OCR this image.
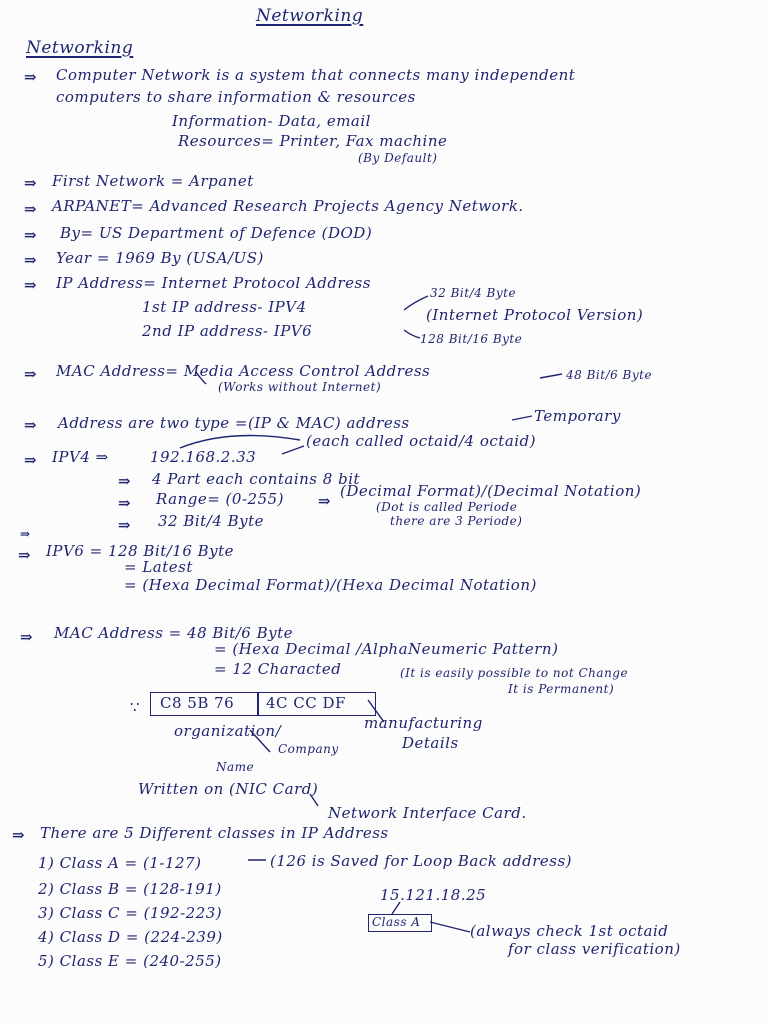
Networking
Networking
⇒ Computer Network is a system that connects many independent
computers to share information & resources
Information- Data, email
Resources= Printer, Fax machine
(By Default)
⇒ First Network = Arpanet
⇒ ARPANET= Advanced Research Projects Agency Network.
⇒ By= US Department of Defence (DOD)
⇒ Year = 1969 By (USA/US)
⇒ IP Address= Internet Protocol Address
1st IP address- IPV4
32 Bit/4 Byte
(Internet Protocol Version)
2nd IP address- IPV6	128 Bit/16 Byte
⇒ MAC Address= Media Access Control Address	48 Bit/6 Byte
(Works without Internet)
⇒ Address are two type =(IP & MAC) address	Temporary
⇒ IPV4 ⇒	192.168.2.33
(each called octaid/4 octaid)
⇒ 4 Part each contains 8 bit
⇒ Range= (0-255) ⇒
(Decimal Format)/(Decimal Notation)
⇒ 32 Bit/4 Byte
(Dot is called Periode
there are 3 Periode)
⇒
⇒ IPV6 = 128 Bit/16 Byte
= Latest
= (Hexa Decimal Format)/(Hexa Decimal Notation)
⇒ MAC Address = 48 Bit/6 Byte
= (Hexa Decimal /AlphaNeumeric Pattern)
= 12 Characted	(It is easily possible to not Change
It is Permanent)
∵ C8 5B 76 4C CC DF
organization/
Company
Name
manufacturing
Details
Written on (NIC Card)
Network Interface Card.
⇒ There are 5 Different classes in IP Address
1) Class A = (1-127)	(126 is Saved for Loop Back address)
2) Class B = (128-191)
3) Class C = (192-223)
4) Class D = (224-239)
5) Class E = (240-255)
15.121.18.25
Class A	(always check 1st octaid
for class verification)
